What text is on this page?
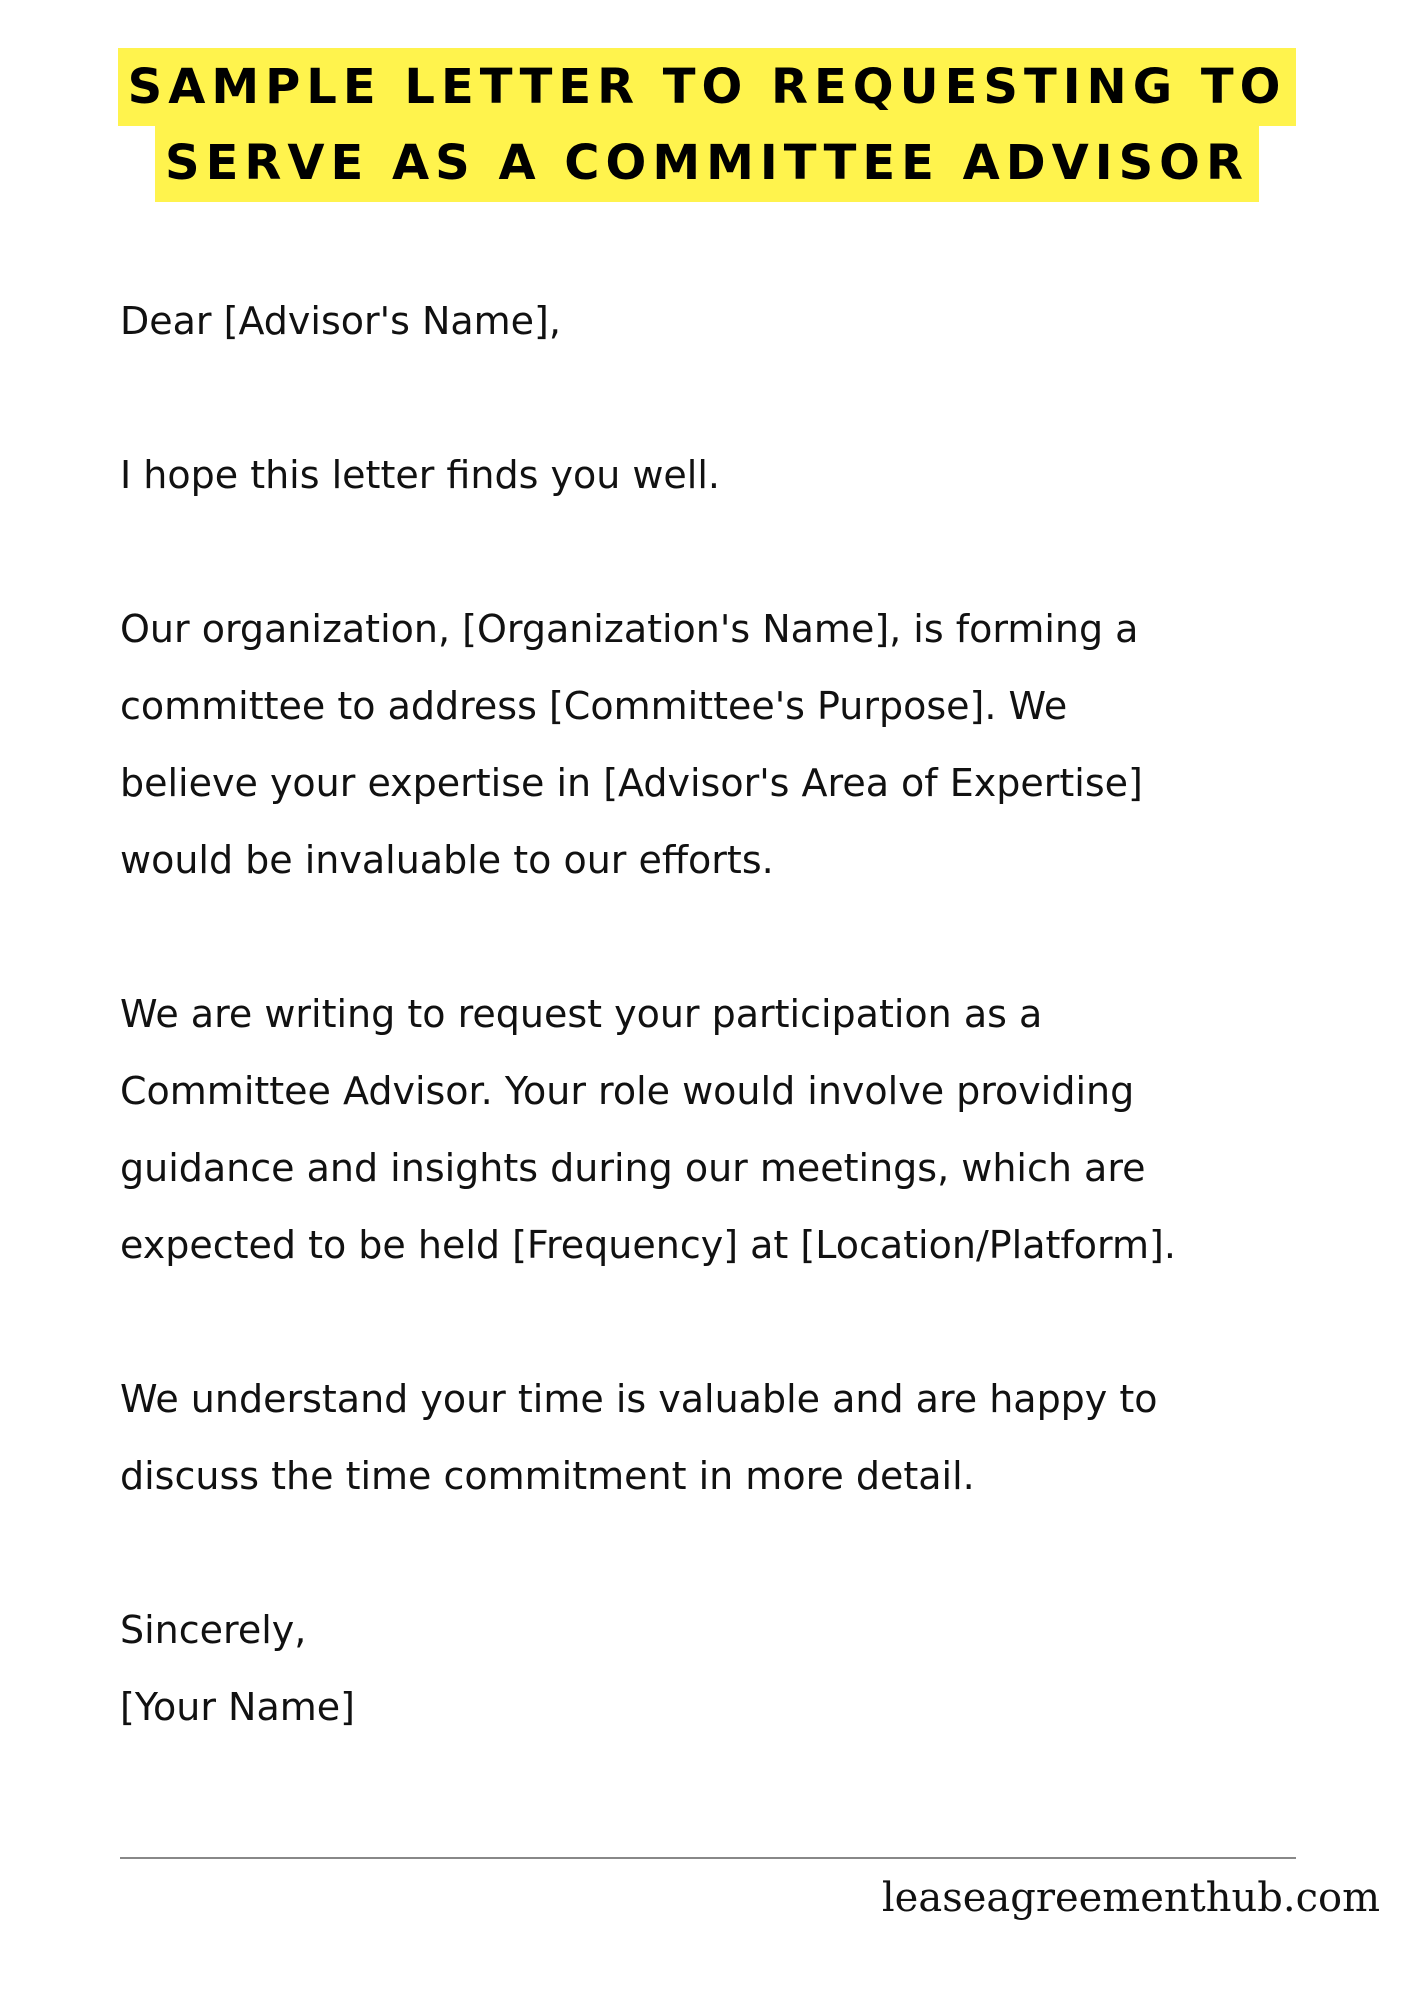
SAMPLE LETTER TO REQUESTING TO
SERVE AS A COMMITTEE ADVISOR

Dear [Advisor's Name],

I hope this letter finds you well.

Our organization, [Organization's Name], is forming a
committee to address [Committee's Purpose]. We
believe your expertise in [Advisor's Area of Expertise]
would be invaluable to our efforts.

We are writing to request your participation as a
Committee Advisor. Your role would involve providing
guidance and insights during our meetings, which are
expected to be held [Frequency] at [Location/Platform].

We understand your time is valuable and are happy to
discuss the time commitment in more detail.

Sincerely,
[Your Name]

leaseagreementhub.com
